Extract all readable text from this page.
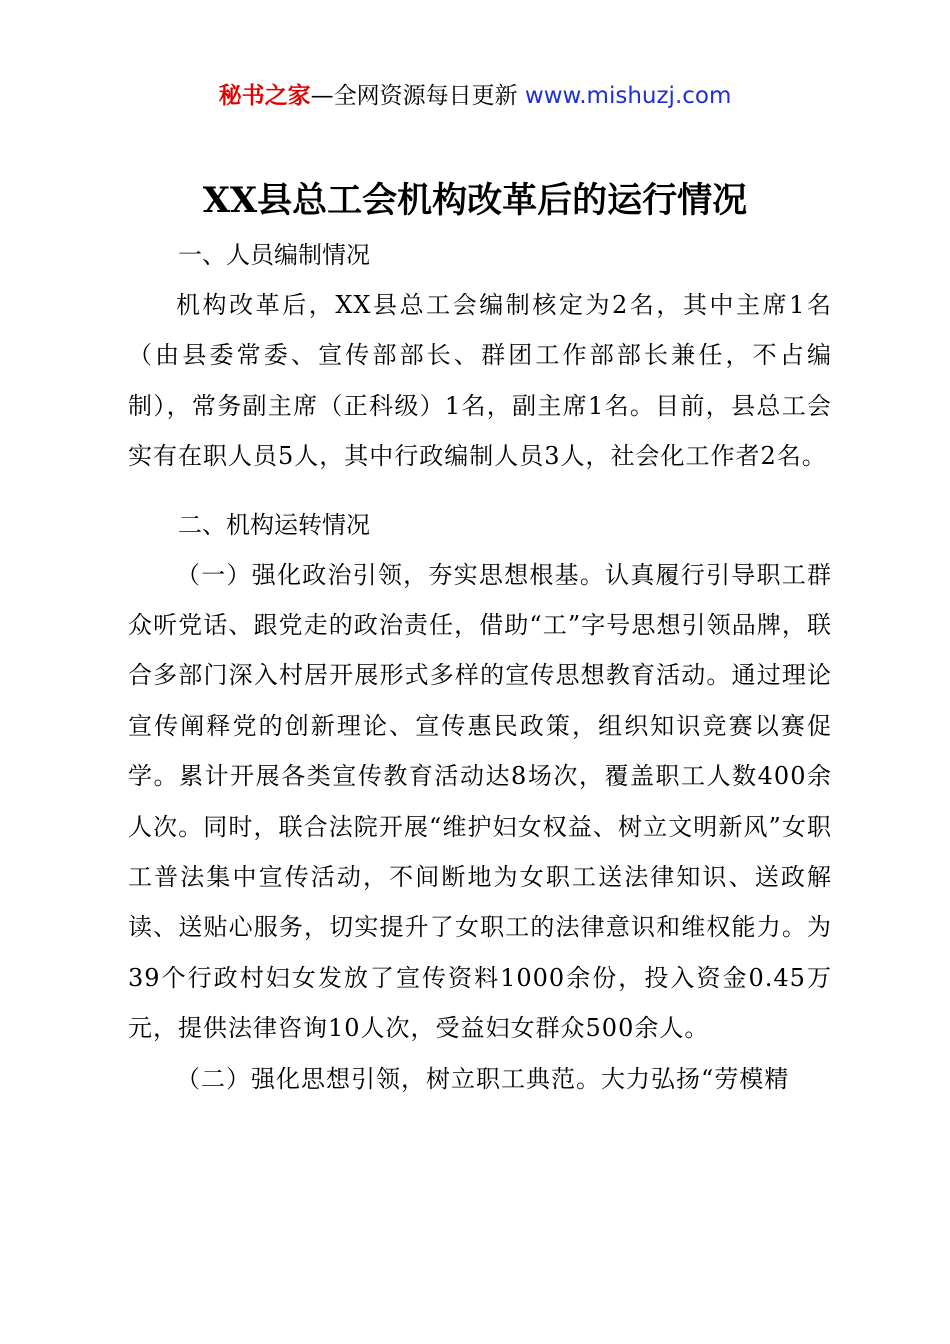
秘书之家—全网资源每日更新 www.mishuzj.com
XX县总工会机构改革后的运行情况
一、人员编制情况

机构改革后，XX县总工会编制核定为2名，其中主席1名（由县委常委、宣传部部长、群团工作部部长兼任，不占编制），常务副主席（正科级）1名，副主席1名。目前，县总工会实有在职人员5人，其中行政编制人员3人，社会化工作者2名。

二、机构运转情况

（一）强化政治引领，夯实思想根基。认真履行引导职工群众听党话、跟党走的政治责任，借助“工”字号思想引领品牌，联合多部门深入村居开展形式多样的宣传思想教育活动。通过理论宣传阐释党的创新理论、宣传惠民政策，组织知识竞赛以赛促学。累计开展各类宣传教育活动达8场次，覆盖职工人数400余人次。同时，联合法院开展“维护妇女权益、树立文明新风”女职工普法集中宣传活动，不间断地为女职工送法律知识、送政解读、送贴心服务，切实提升了女职工的法律意识和维权能力。为39个行政村妇女发放了宣传资料1000余份，投入资金0.45万元，提供法律咨询10人次，受益妇女群众500余人。

（二）强化思想引领，树立职工典范。大力弘扬“劳模精
